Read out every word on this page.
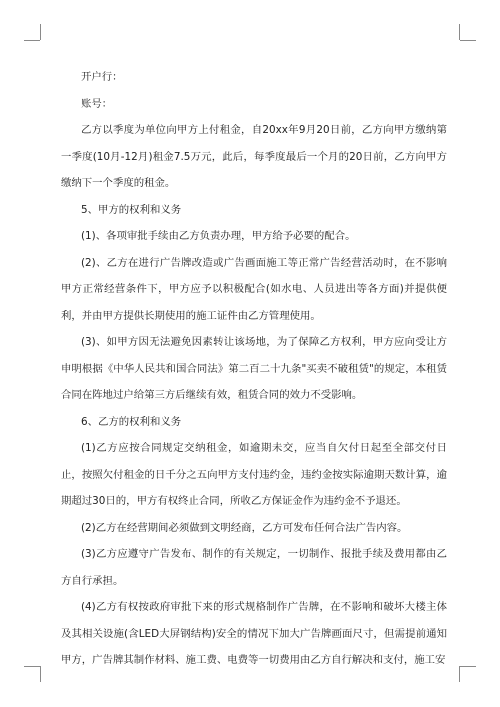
开户行：

账号：

乙方以季度为单位向甲方上付租金，自20xx年9月20日前，乙方向甲方缴纳第一季度(10月-12月)租金7.5万元，此后，每季度最后一个月的20日前，乙方向甲方缴纳下一个季度的租金。

5、甲方的权利和义务

(1)、各项审批手续由乙方负责办理，甲方给予必要的配合。

(2)、乙方在进行广告牌改造或广告画面施工等正常广告经营活动时，在不影响甲方正常经营条件下，甲方应予以积极配合(如水电、人员进出等各方面)并提供便利，并由甲方提供长期使用的施工证件由乙方管理使用。

(3)、如甲方因无法避免因素转让该场地，为了保障乙方权利，甲方应向受让方申明根据《中华人民共和国合同法》第二百二十九条"买卖不破租赁"的规定，本租赁合同在阵地过户给第三方后继续有效，租赁合同的效力不受影响。

6、乙方的权利和义务

(1)乙方应按合同规定交纳租金，如逾期未交，应当自欠付日起至全部交付日止，按照欠付租金的日千分之五向甲方支付违约金，违约金按实际逾期天数计算，逾期超过30日的，甲方有权终止合同，所收乙方保证金作为违约金不予退还。

(2)乙方在经营期间必须做到文明经商，乙方可发布任何合法广告内容。

(3)乙方应遵守广告发布、制作的有关规定，一切制作、报批手续及费用都由乙方自行承担。

(4)乙方有权按政府审批下来的形式规格制作广告牌，在不影响和破坏大楼主体及其相关设施(含LED大屏钢结构)安全的情况下加大广告牌画面尺寸，但需提前通知甲方，广告牌其制作材料、施工费、电费等一切费用由乙方自行解决和支付，施工安
